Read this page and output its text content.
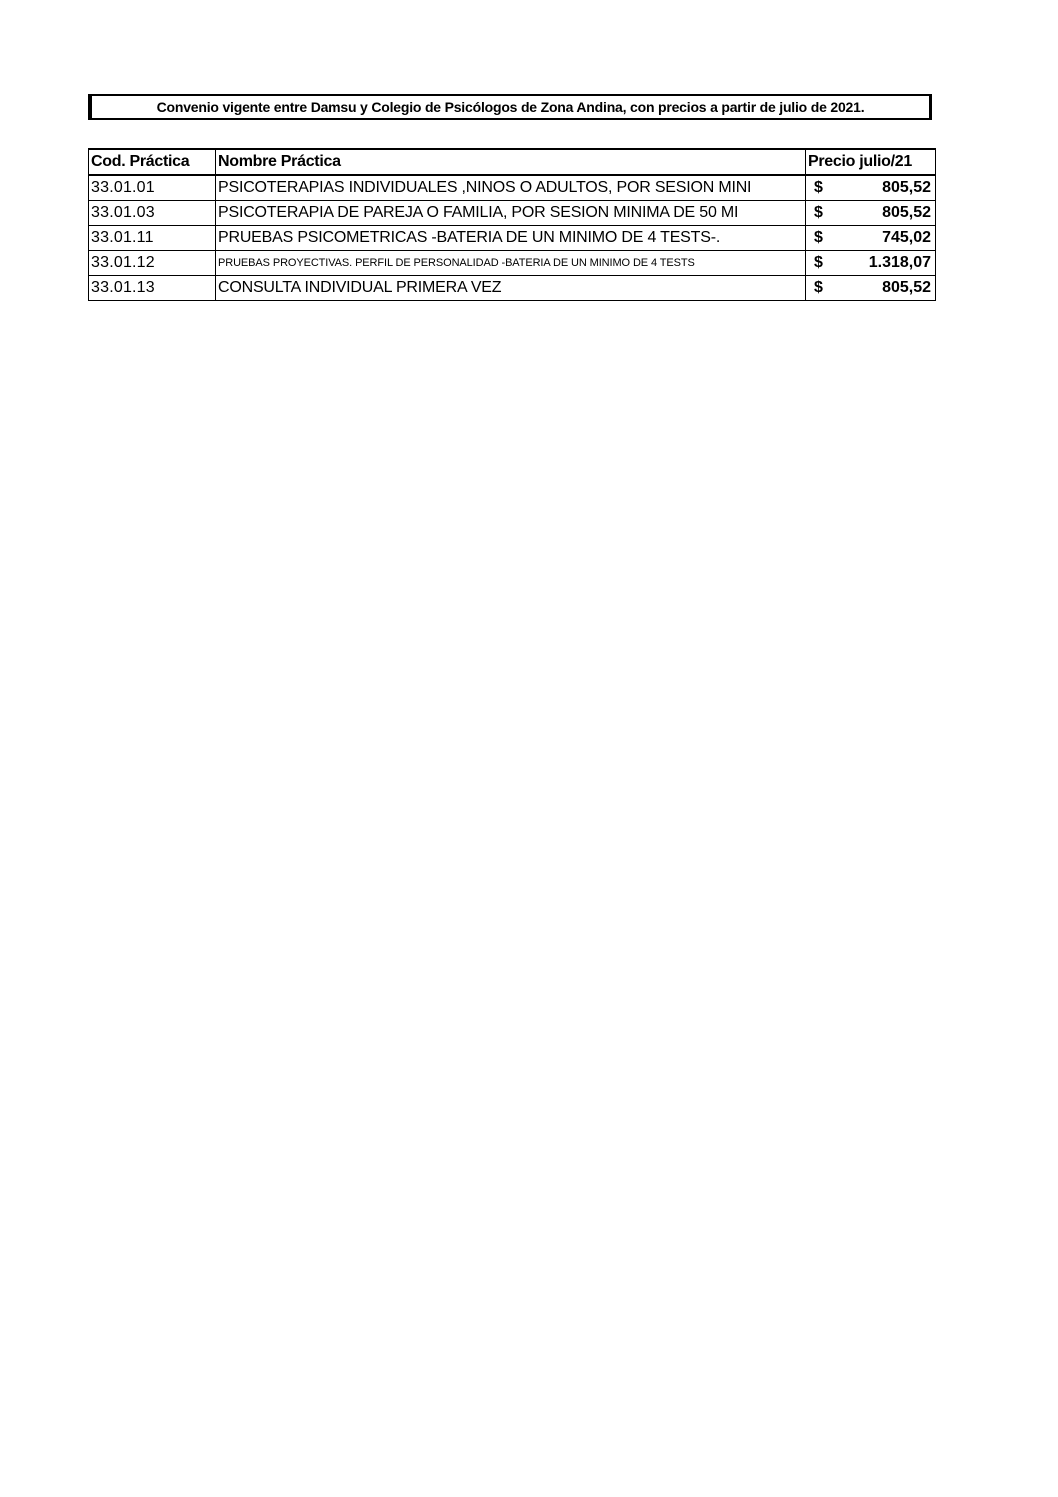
Convenio vigente entre Damsu y Colegio de Psicólogos de Zona Andina, con precios a partir de julio de 2021.
Cod. Práctica	Nombre Práctica	Precio julio/21
33.01.01	PSICOTERAPIAS INDIVIDUALES ,NINOS O ADULTOS, POR SESION MINI	$ 805,52

33.01.03	PSICOTERAPIA DE PAREJA O FAMILIA, POR SESION MINIMA DE 50 MI	$ 805,52

33.01.11	PRUEBAS PSICOMETRICAS -BATERIA DE UN MINIMO DE 4 TESTS-.	$ 745,02

33.01.12	PRUEBAS PROYECTIVAS. PERFIL DE PERSONALIDAD -BATERIA DE UN MINIMO DE 4 TESTS	$ 1.318,07

33.01.13	CONSULTA INDIVIDUAL PRIMERA VEZ	$ 805,52
